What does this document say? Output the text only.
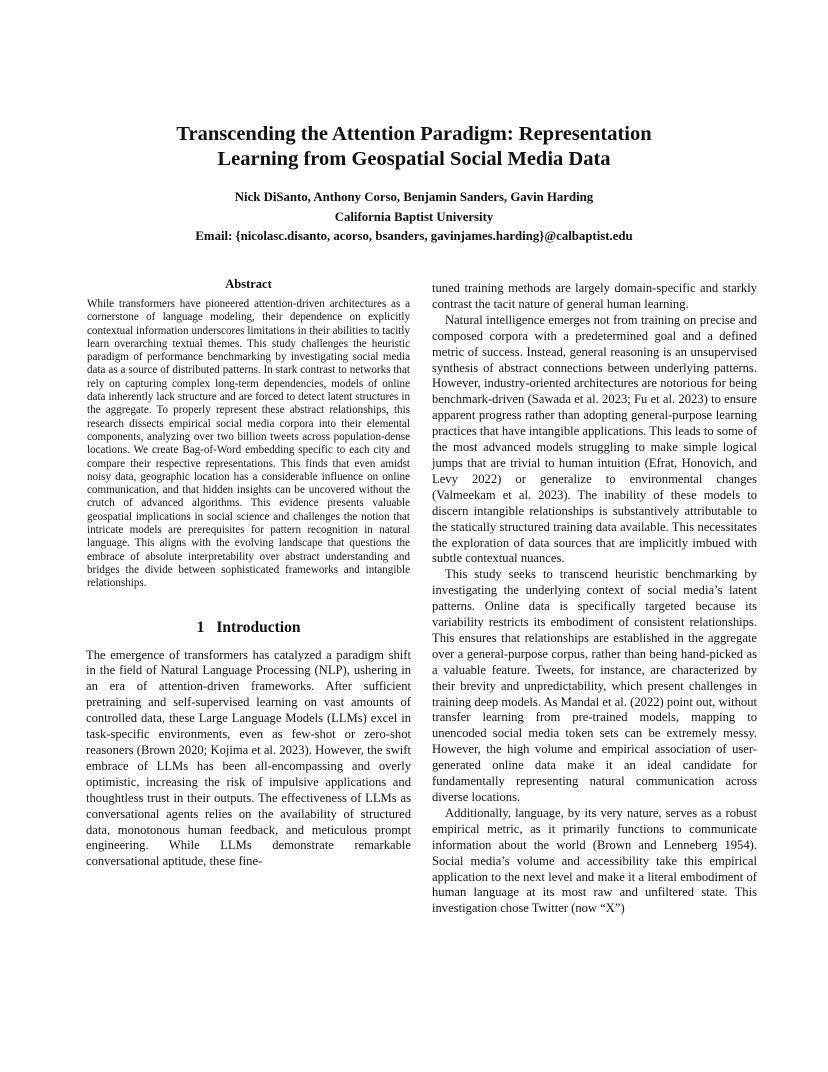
Transcending the Attention Paradigm: Representation
Learning from Geospatial Social Media Data
Nick DiSanto, Anthony Corso, Benjamin Sanders, Gavin Harding
California Baptist University
Email: {nicolasc.disanto, acorso, bsanders, gavinjames.harding}@calbaptist.edu
Abstract

While transformers have pioneered attention-driven architectures as a cornerstone of language modeling, their dependence on explicitly contextual information underscores limitations in their abilities to tacitly learn overarching textual themes. This study challenges the heuristic paradigm of performance benchmarking by investigating social media data as a source of distributed patterns. In stark contrast to networks that rely on capturing complex long-term dependencies, models of online data inherently lack structure and are forced to detect latent structures in the aggregate. To properly represent these abstract relationships, this research dissects empirical social media corpora into their elemental components, analyzing over two billion tweets across population-dense locations. We create Bag-of-Word embedding specific to each city and compare their respective representations. This finds that even amidst noisy data, geographic location has a considerable influence on online communication, and that hidden insights can be uncovered without the crutch of advanced algorithms. This evidence presents valuable geospatial implications in social science and challenges the notion that intricate models are prerequisites for pattern recognition in natural language. This aligns with the evolving landscape that questions the embrace of absolute interpretability over abstract understanding and bridges the divide between sophisticated frameworks and intangible relationships.

1 Introduction

The emergence of transformers has catalyzed a paradigm shift in the field of Natural Language Processing (NLP), ushering in an era of attention-driven frameworks. After sufficient pretraining and self-supervised learning on vast amounts of controlled data, these Large Language Models (LLMs) excel in task-specific environments, even as few-shot or zero-shot reasoners (Brown 2020; Kojima et al. 2023). However, the swift embrace of LLMs has been all-encompassing and overly optimistic, increasing the risk of impulsive applications and thoughtless trust in their outputs. The effectiveness of LLMs as conversational agents relies on the availability of structured data, monotonous human feedback, and meticulous prompt engineering. While LLMs demonstrate remarkable conversational aptitude, these fine-

tuned training methods are largely domain-specific and starkly contrast the tacit nature of general human learning.

Natural intelligence emerges not from training on precise and composed corpora with a predetermined goal and a defined metric of success. Instead, general reasoning is an unsupervised synthesis of abstract connections between underlying patterns. However, industry-oriented architectures are notorious for being benchmark-driven (Sawada et al. 2023; Fu et al. 2023) to ensure apparent progress rather than adopting general-purpose learning practices that have intangible applications. This leads to some of the most advanced models struggling to make simple logical jumps that are trivial to human intuition (Efrat, Honovich, and Levy 2022) or generalize to environmental changes (Valmeekam et al. 2023). The inability of these models to discern intangible relationships is substantively attributable to the statically structured training data available. This necessitates the exploration of data sources that are implicitly imbued with subtle contextual nuances.

This study seeks to transcend heuristic benchmarking by investigating the underlying context of social media’s latent patterns. Online data is specifically targeted because its variability restricts its embodiment of consistent relationships. This ensures that relationships are established in the aggregate over a general-purpose corpus, rather than being hand-picked as a valuable feature. Tweets, for instance, are characterized by their brevity and unpredictability, which present challenges in training deep models. As Mandal et al. (2022) point out, without transfer learning from pre-trained models, mapping to unencoded social media token sets can be extremely messy. However, the high volume and empirical association of user-generated online data make it an ideal candidate for fundamentally representing natural communication across diverse locations.

Additionally, language, by its very nature, serves as a robust empirical metric, as it primarily functions to communicate information about the world (Brown and Lenneberg 1954). Social media’s volume and accessibility take this empirical application to the next level and make it a literal embodiment of human language at its most raw and unfiltered state. This investigation chose Twitter (now “X”)
